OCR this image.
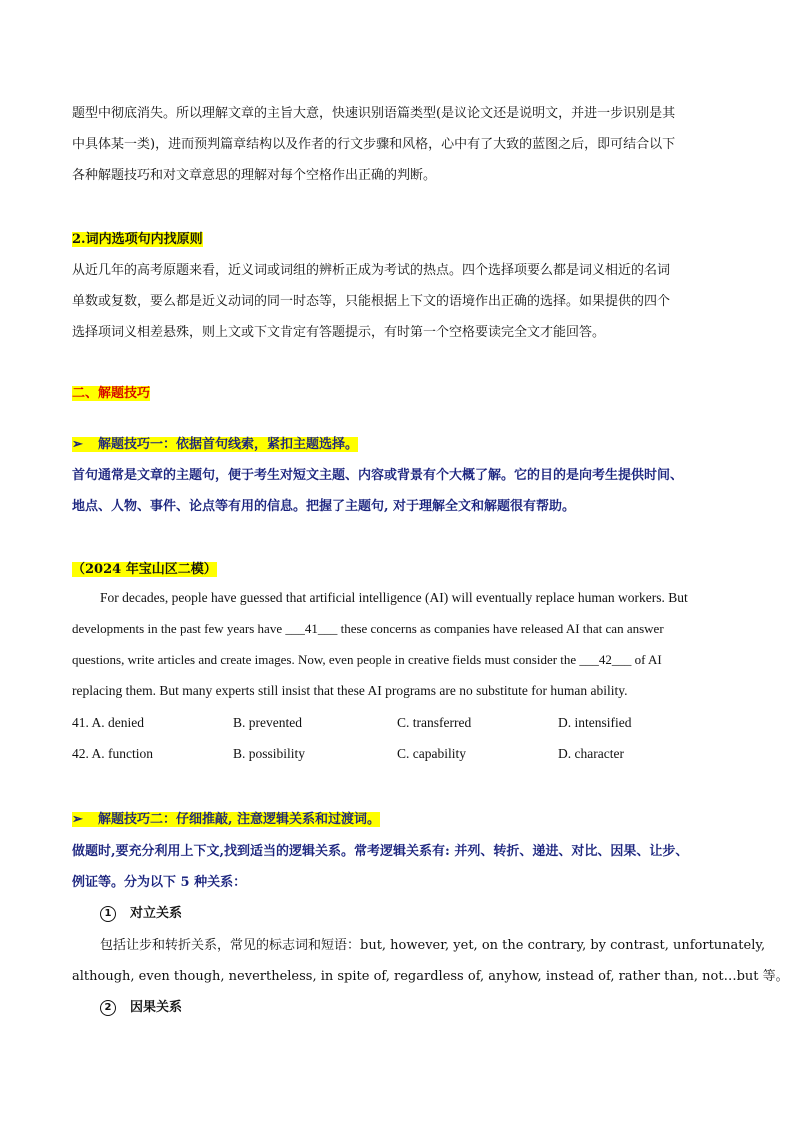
题型中彻底消失。所以理解文章的主旨大意，快速识别语篇类型(是议论文还是说明文，并进一步识别是其
中具体某一类)，进而预判篇章结构以及作者的行文步骤和风格，心中有了大致的蓝图之后，即可结合以下
各种解题技巧和对文章意思的理解对每个空格作出正确的判断。
2.词内选项句内找原则
从近几年的高考原题来看，近义词或词组的辨析正成为考试的热点。四个选择项要么都是词义相近的名词
单数或复数，要么都是近义动词的同一时态等，只能根据上下文的语境作出正确的选择。如果提供的四个
选择项词义相差悬殊，则上文或下文肯定有答题提示，有时第一个空格要读完全文才能回答。
二、解题技巧
➢ 解题技巧一：依据首句线索，紧扣主题选择。
首句通常是文章的主题句，便于考生对短文主题、内容或背景有个大概了解。它的目的是向考生提供时间、
地点、人物、事件、论点等有用的信息。把握了主题句, 对于理解全文和解题很有帮助。
（2024 年宝山区二模）
For decades, people have guessed that artificial intelligence (AI) will eventually replace human workers. But
developments in the past few years have ___41___ these concerns as companies have released AI that can answer
questions, write articles and create images. Now, even people in creative fields must consider the ___42___ of AI
replacing them. But many experts still insist that these AI programs are no substitute for human ability.
41. A. denied	B. prevented	C. transferred	D. intensified
42. A. function	B. possibility	C. capability	D. character
➢ 解题技巧二：仔细推敲, 注意逻辑关系和过渡词。
做题时,要充分利用上下文,找到适当的逻辑关系。常考逻辑关系有: 并列、转折、递进、对比、因果、让步、
例证等。分为以下 5 种关系：
1 对立关系
包括让步和转折关系，常见的标志词和短语：but, however, yet, on the contrary, by contrast, unfortunately,
although, even though, nevertheless, in spite of, regardless of, anyhow, instead of, rather than, not…but 等。
2 因果关系
